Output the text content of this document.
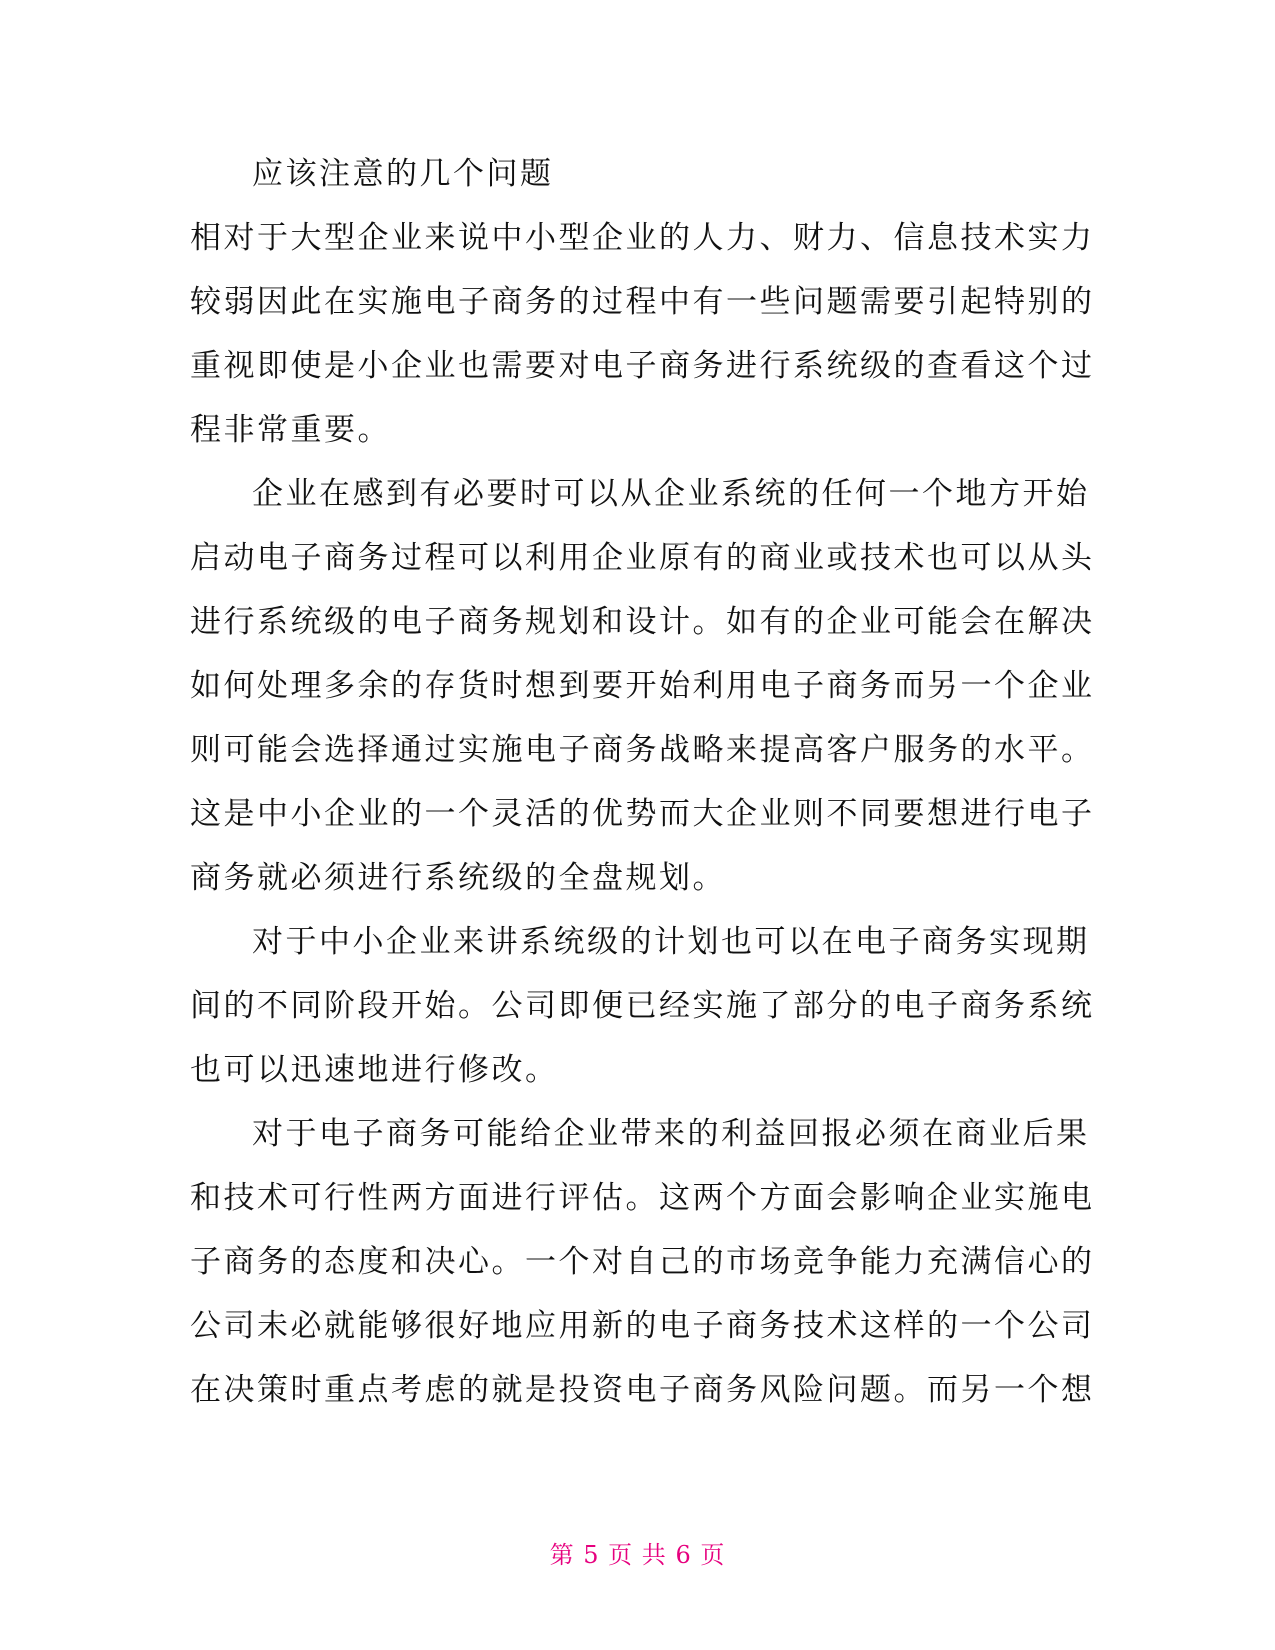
应该注意的几个问题
相对于大型企业来说中小型企业的人力、财力、信息技术实力
较弱因此在实施电子商务的过程中有一些问题需要引起特别的
重视即使是小企业也需要对电子商务进行系统级的查看这个过
程非常重要。
企业在感到有必要时可以从企业系统的任何一个地方开始
启动电子商务过程可以利用企业原有的商业或技术也可以从头
进行系统级的电子商务规划和设计。如有的企业可能会在解决
如何处理多余的存货时想到要开始利用电子商务而另一个企业
则可能会选择通过实施电子商务战略来提高客户服务的水平。
这是中小企业的一个灵活的优势而大企业则不同要想进行电子
商务就必须进行系统级的全盘规划。
对于中小企业来讲系统级的计划也可以在电子商务实现期
间的不同阶段开始。公司即便已经实施了部分的电子商务系统
也可以迅速地进行修改。
对于电子商务可能给企业带来的利益回报必须在商业后果
和技术可行性两方面进行评估。这两个方面会影响企业实施电
子商务的态度和决心。一个对自己的市场竞争能力充满信心的
公司未必就能够很好地应用新的电子商务技术这样的一个公司
在决策时重点考虑的就是投资电子商务风险问题。而另一个想
第 5 页 共 6 页
